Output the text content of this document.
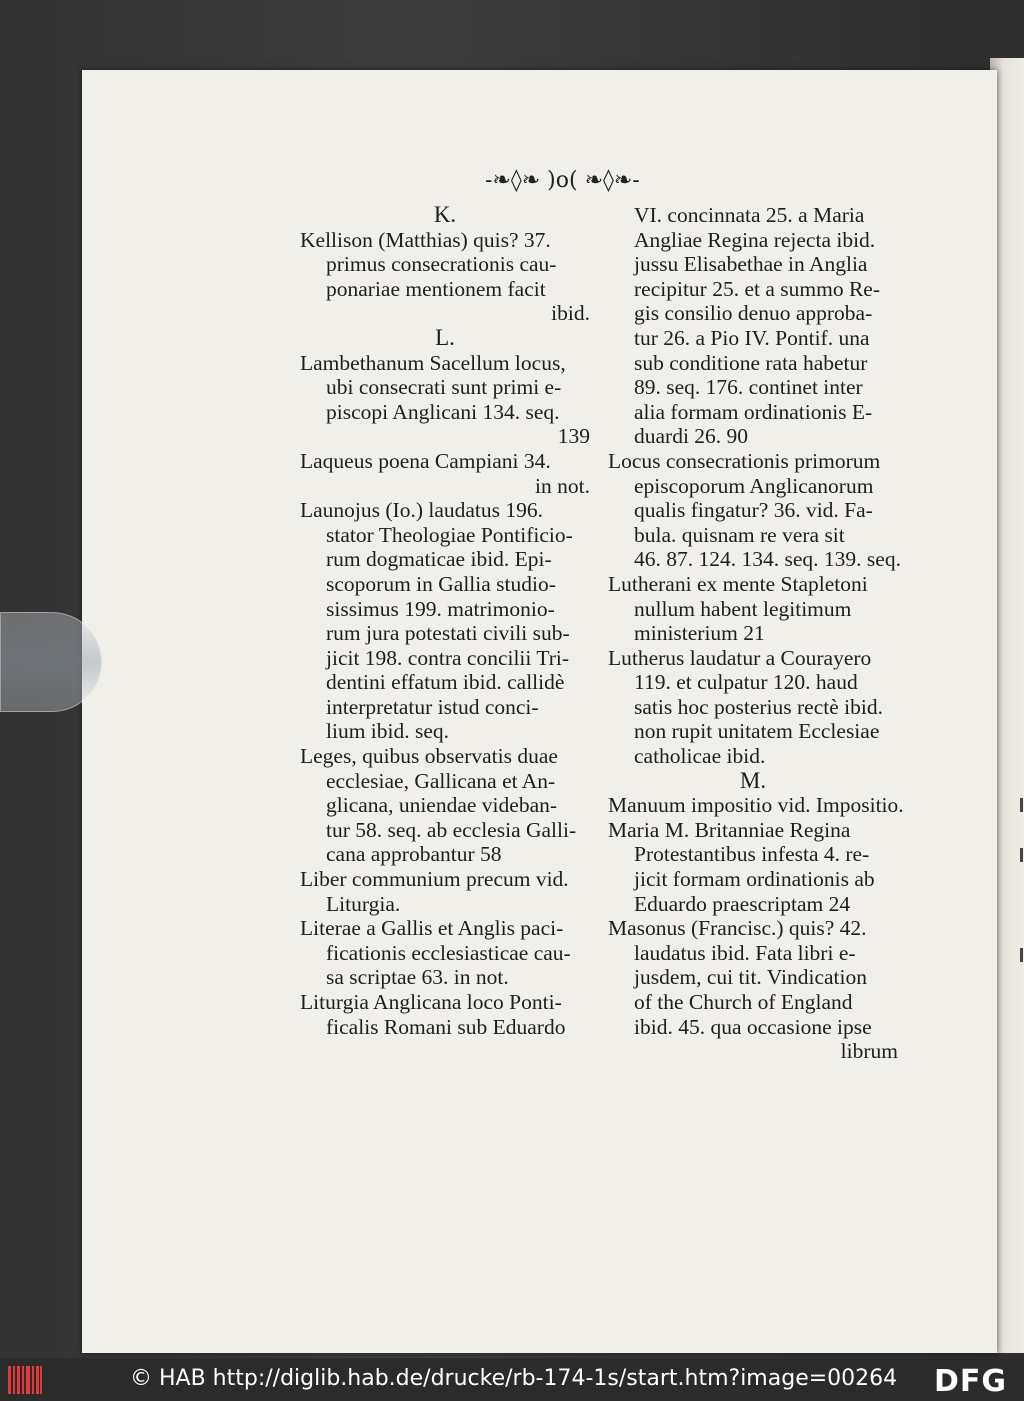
-❧◊❧ )o( ❧◊❧-
K.
Kellison (Matthias) quis? 37.
primus consecrationis cau-
ponariae mentionem facit
ibid.
L.
Lambethanum Sacellum locus,
ubi consecrati sunt primi e-
piscopi Anglicani 134. seq.
139
Laqueus poena Campiani 34.
in not.
Launojus (Io.) laudatus 196.
stator Theologiae Pontificio-
rum dogmaticae ibid. Epi-
scoporum in Gallia studio-
sissimus 199. matrimonio-
rum jura potestati civili sub-
jicit 198. contra concilii Tri-
dentini effatum ibid. callidè
interpretatur istud conci-
lium ibid. seq.
Leges, quibus observatis duae
ecclesiae, Gallicana et An-
glicana, uniendae videban-
tur 58. seq. ab ecclesia Galli-
cana approbantur 58
Liber communium precum vid.
Liturgia.
Literae a Gallis et Anglis paci-
ficationis ecclesiasticae cau-
sa scriptae 63. in not.
Liturgia Anglicana loco Ponti-
ficalis Romani sub Eduardo
VI. concinnata 25. a Maria
Angliae Regina rejecta ibid.
jussu Elisabethae in Anglia
recipitur 25. et a summo Re-
gis consilio denuo approba-
tur 26. a Pio IV. Pontif. una
sub conditione rata habetur
89. seq. 176. continet inter
alia formam ordinationis E-
duardi 26. 90
Locus consecrationis primorum
episcoporum Anglicanorum
qualis fingatur? 36. vid. Fa-
bula. quisnam re vera sit
46. 87. 124. 134. seq. 139. seq.
Lutherani ex mente Stapletoni
nullum habent legitimum
ministerium 21
Lutherus laudatur a Courayero
119. et culpatur 120. haud
satis hoc posterius rectè ibid.
non rupit unitatem Ecclesiae
catholicae ibid.
M.
Manuum impositio vid. Impositio.
Maria M. Britanniae Regina
Protestantibus infesta 4. re-
jicit formam ordinationis ab
Eduardo praescriptam 24
Masonus (Francisc.) quis? 42.
laudatus ibid. Fata libri e-
jusdem, cui tit. Vindication
of the Church of England
ibid. 45. qua occasione ipse
librum
© HAB http://diglib.hab.de/drucke/rb-174-1s/start.htm?image=00264 DFG
